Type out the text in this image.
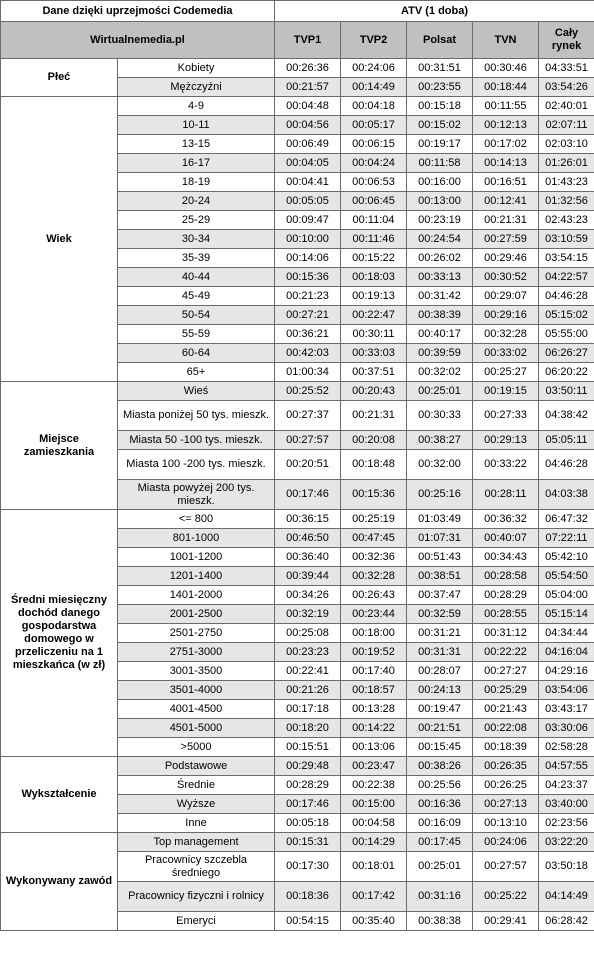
Dane dzięki uprzejmości Codemedia		ATV (1 doba)				
Wirtualnemedia.pl		TVP1	TVP2	Polsat	TVN	Cały rynek
Płeć	Kobiety	00:26:36	00:24:06	00:31:51	00:30:46	04:33:51
	Mężczyźni	00:21:57	00:14:49	00:23:55	00:18:44	03:54:26
Wiek	4-9	00:04:48	00:04:18	00:15:18	00:11:55	02:40:01
	10-11	00:04:56	00:05:17	00:15:02	00:12:13	02:07:11
	13-15	00:06:49	00:06:15	00:19:17	00:17:02	02:03:10
	16-17	00:04:05	00:04:24	00:11:58	00:14:13	01:26:01
	18-19	00:04:41	00:06:53	00:16:00	00:16:51	01:43:23
	20-24	00:05:05	00:06:45	00:13:00	00:12:41	01:32:56
	25-29	00:09:47	00:11:04	00:23:19	00:21:31	02:43:23
	30-34	00:10:00	00:11:46	00:24:54	00:27:59	03:10:59
	35-39	00:14:06	00:15:22	00:26:02	00:29:46	03:54:15
	40-44	00:15:36	00:18:03	00:33:13	00:30:52	04:22:57
	45-49	00:21:23	00:19:13	00:31:42	00:29:07	04:46:28
	50-54	00:27:21	00:22:47	00:38:39	00:29:16	05:15:02
	55-59	00:36:21	00:30:11	00:40:17	00:32:28	05:55:00
	60-64	00:42:03	00:33:03	00:39:59	00:33:02	06:26:27
	65+	01:00:34	00:37:51	00:32:02	00:25:27	06:20:22
Miejsce zamieszkania	Wieś	00:25:52	00:20:43	00:25:01	00:19:15	03:50:11
	Miasta poniżej 50 tys. mieszk.	00:27:37	00:21:31	00:30:33	00:27:33	04:38:42
	Miasta 50 -100 tys. mieszk.	00:27:57	00:20:08	00:38:27	00:29:13	05:05:11
	Miasta 100 -200 tys. mieszk.	00:20:51	00:18:48	00:32:00	00:33:22	04:46:28
	Miasta powyżej 200 tys. mieszk.	00:17:46	00:15:36	00:25:16	00:28:11	04:03:38
Średni miesięczny dochód danego gospodarstwa domowego w przeliczeniu na 1 mieszkańca (w zł)	<= 800	00:36:15	00:25:19	01:03:49	00:36:32	06:47:32
	801-1000	00:46:50	00:47:45	01:07:31	00:40:07	07:22:11
	1001-1200	00:36:40	00:32:36	00:51:43	00:34:43	05:42:10
	1201-1400	00:39:44	00:32:28	00:38:51	00:28:58	05:54:50
	1401-2000	00:34:26	00:26:43	00:37:47	00:28:29	05:04:00
	2001-2500	00:32:19	00:23:44	00:32:59	00:28:55	05:15:14
	2501-2750	00:25:08	00:18:00	00:31:21	00:31:12	04:34:44
	2751-3000	00:23:23	00:19:52	00:31:31	00:22:22	04:16:04
	3001-3500	00:22:41	00:17:40	00:28:07	00:27:27	04:29:16
	3501-4000	00:21:26	00:18:57	00:24:13	00:25:29	03:54:06
	4001-4500	00:17:18	00:13:28	00:19:47	00:21:43	03:43:17
	4501-5000	00:18:20	00:14:22	00:21:51	00:22:08	03:30:06
	>5000	00:15:51	00:13:06	00:15:45	00:18:39	02:58:28
Wykształcenie	Podstawowe	00:29:48	00:23:47	00:38:26	00:26:35	04:57:55
	Średnie	00:28:29	00:22:38	00:25:56	00:26:25	04:23:37
	Wyższe	00:17:46	00:15:00	00:16:36	00:27:13	03:40:00
	Inne	00:05:18	00:04:58	00:16:09	00:13:10	02:23:56
Wykonywany zawód	Top management	00:15:31	00:14:29	00:17:45	00:24:06	03:22:20
	Pracownicy szczebla średniego	00:17:30	00:18:01	00:25:01	00:27:57	03:50:18
	Pracownicy fizyczni i rolnicy	00:18:36	00:17:42	00:31:16	00:25:22	04:14:49
	Emeryci	00:54:15	00:35:40	00:38:38	00:29:41	06:28:42
